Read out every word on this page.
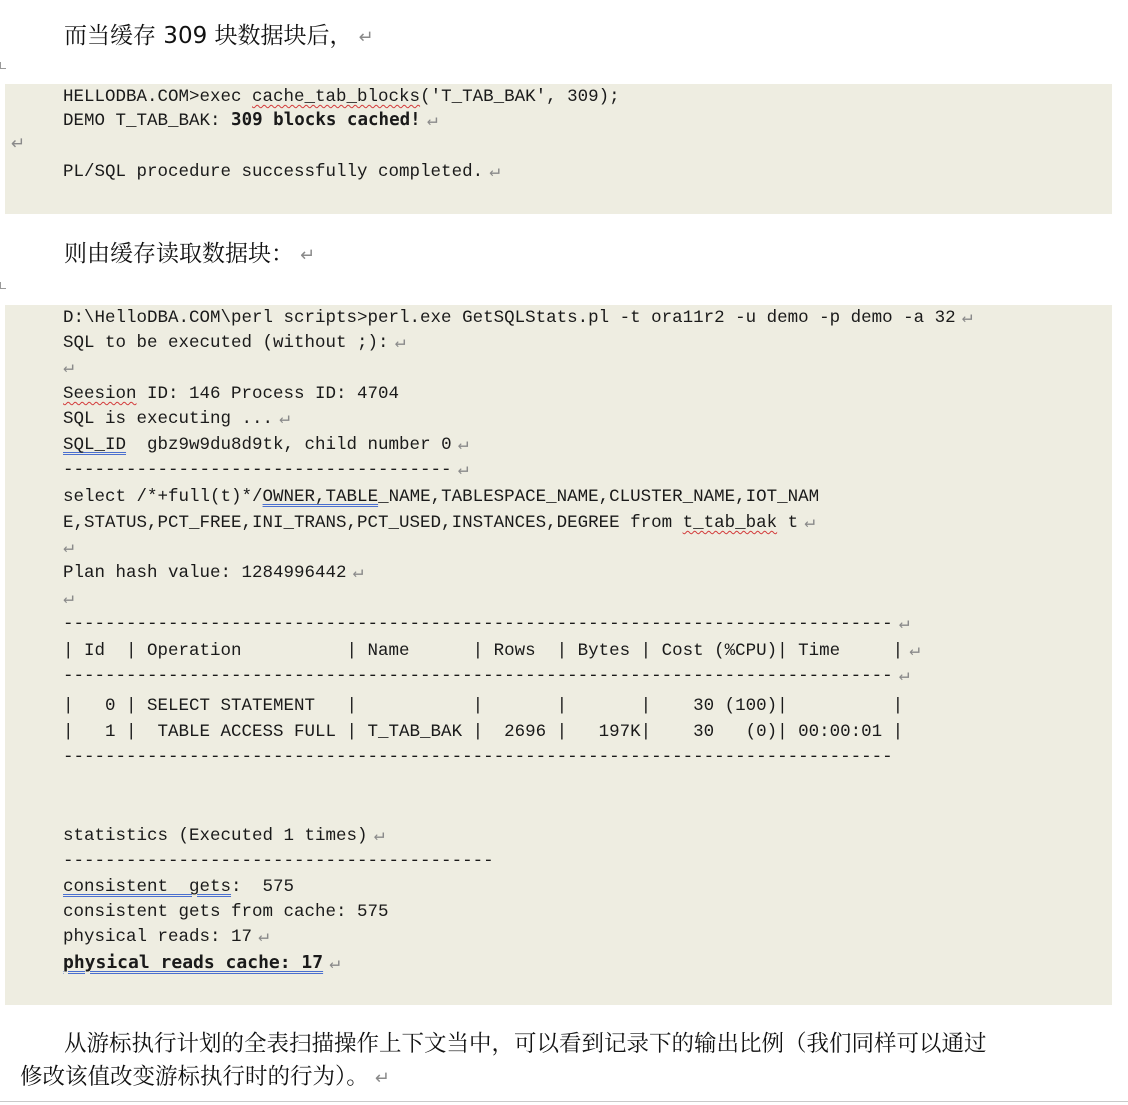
而当缓存 309 块数据块后， ↵
HELLODBA.COM>exec cache_tab_blocks('T_TAB_BAK', 309);
DEMO T_TAB_BAK: 309 blocks cached! ↵
↵
PL/SQL procedure successfully completed. ↵
则由缓存读取数据块： ↵
D:\HelloDBA.COM\perl scripts>perl.exe GetSQLStats.pl -t ora11r2 -u demo -p demo -a 32 ↵
SQL to be executed (without ;): ↵
↵
Seesion ID: 146 Process ID: 4704
SQL is executing ... ↵
SQL_ID  gbz9w9du8d9tk, child number 0 ↵
------------------------------------- ↵
select /*+full(t)*/OWNER,TABLE_NAME,TABLESPACE_NAME,CLUSTER_NAME,IOT_NAM
E,STATUS,PCT_FREE,INI_TRANS,PCT_USED,INSTANCES,DEGREE from t_tab_bak t ↵
↵
Plan hash value: 1284996442 ↵
↵
------------------------------------------------------------------------------- ↵
| Id  | Operation          | Name      | Rows  | Bytes | Cost (%CPU)| Time     | ↵
------------------------------------------------------------------------------- ↵
|   0 | SELECT STATEMENT   |           |       |       |    30 (100)|          |
|   1 |  TABLE ACCESS FULL | T_TAB_BAK |  2696 |   197K|    30   (0)| 00:00:01 |
-------------------------------------------------------------------------------
statistics (Executed 1 times) ↵
-----------------------------------------
consistent  gets:  575
consistent gets from cache: 575
physical reads: 17 ↵
physical reads cache: 17 ↵
从游标执行计划的全表扫描操作上下文当中，可以看到记录下的输出比例（我们同样可以通过
修改该值改变游标执行时的行为）。 ↵
